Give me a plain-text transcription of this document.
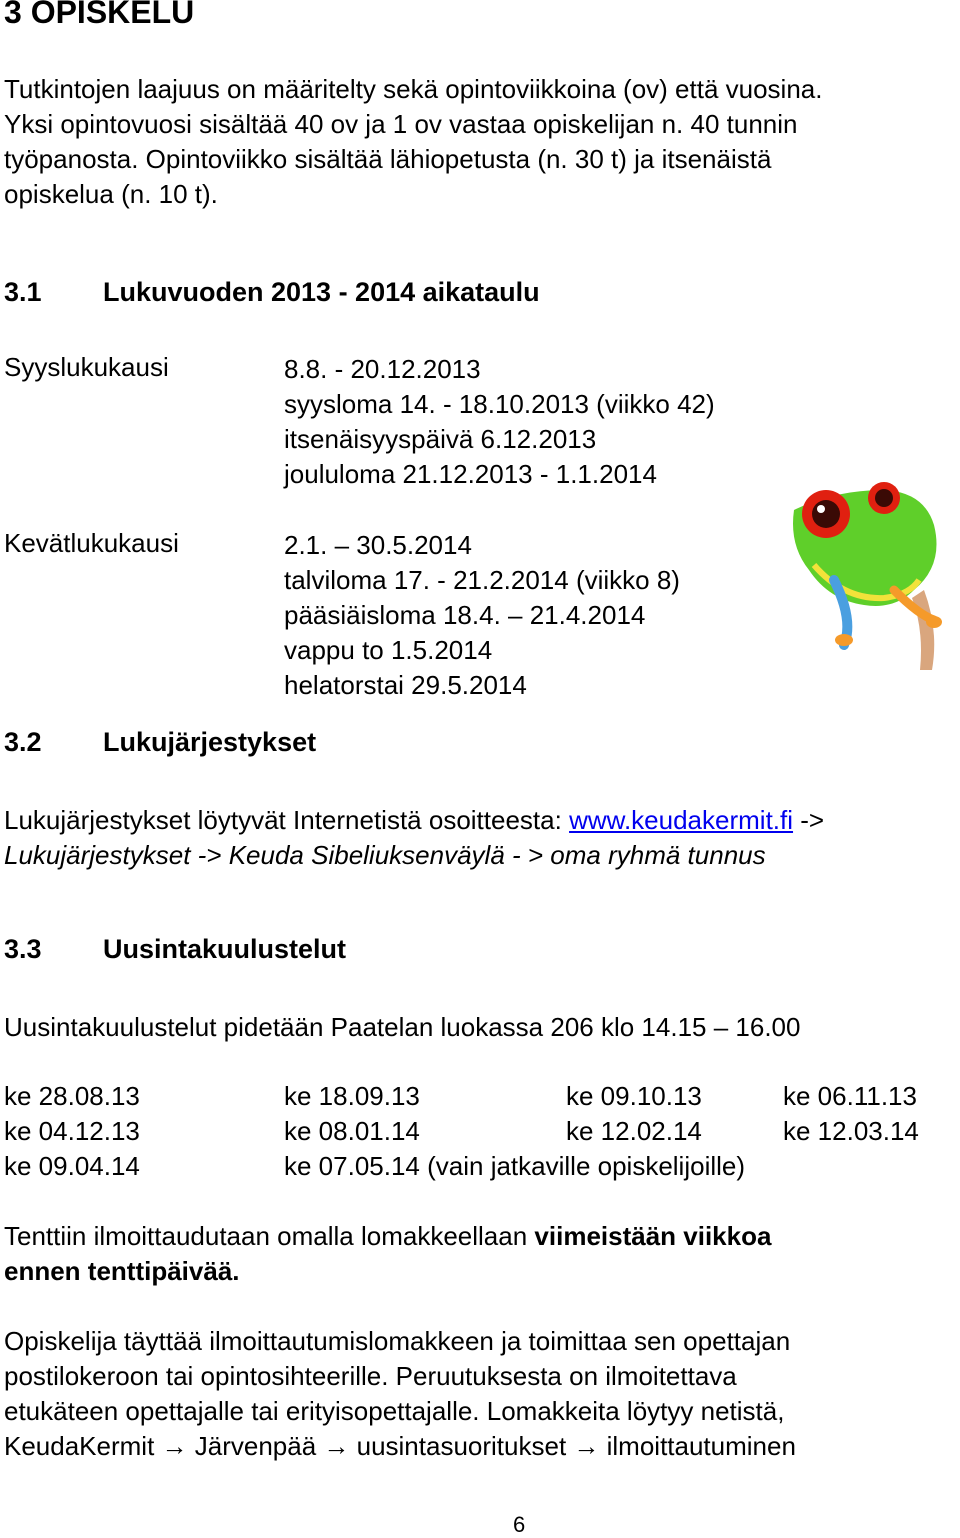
3 OPISKELU
Tutkintojen laajuus on määritelty sekä opintoviikkoina (ov) että vuosina.
Yksi opintovuosi sisältää 40 ov ja 1 ov vastaa opiskelijan n. 40 tunnin
työpanosta. Opintoviikko sisältää lähiopetusta (n. 30 t) ja itsenäistä
opiskelua (n. 10 t).
3.1 Lukuvuoden 2013 - 2014 aikataulu
Syyslukukausi	8.8. - 20.12.2013
syysloma 14. - 18.10.2013 (viikko 42)
itsenäisyyspäivä 6.12.2013
joululoma 21.12.2013 - 1.1.2014
Kevätlukukausi	2.1. – 30.5.2014
talviloma 17. - 21.2.2014 (viikko 8)
pääsiäisloma 18.4. – 21.4.2014
vappu to 1.5.2014
helatorstai 29.5.2014
3.2 Lukujärjestykset
Lukujärjestykset löytyvät Internetistä osoitteesta: www.keudakermit.fi ->
Lukujärjestykset -> Keuda Sibeliuksenväylä - > oma ryhmä tunnus
3.3 Uusintakuulustelut
Uusintakuulustelut pidetään Paatelan luokassa 206 klo 14.15 – 16.00
ke 28.08.13	ke 18.09.13	ke 09.10.13	ke 06.11.13
ke 04.12.13	ke 08.01.14	ke 12.02.14	ke 12.03.14
ke 09.04.14	ke 07.05.14 (vain jatkaville opiskelijoille)
Tenttiin ilmoittaudutaan omalla lomakkeellaan viimeistään viikkoa
ennen tenttipäivää.
Opiskelija täyttää ilmoittautumislomakkeen ja toimittaa sen opettajan
postilokeroon tai opintosihteerille. Peruutuksesta on ilmoitettava
etukäteen opettajalle tai erityisopettajalle. Lomakkeita löytyy netistä,
KeudaKermit → Järvenpää → uusintasuoritukset → ilmoittautuminen
6
